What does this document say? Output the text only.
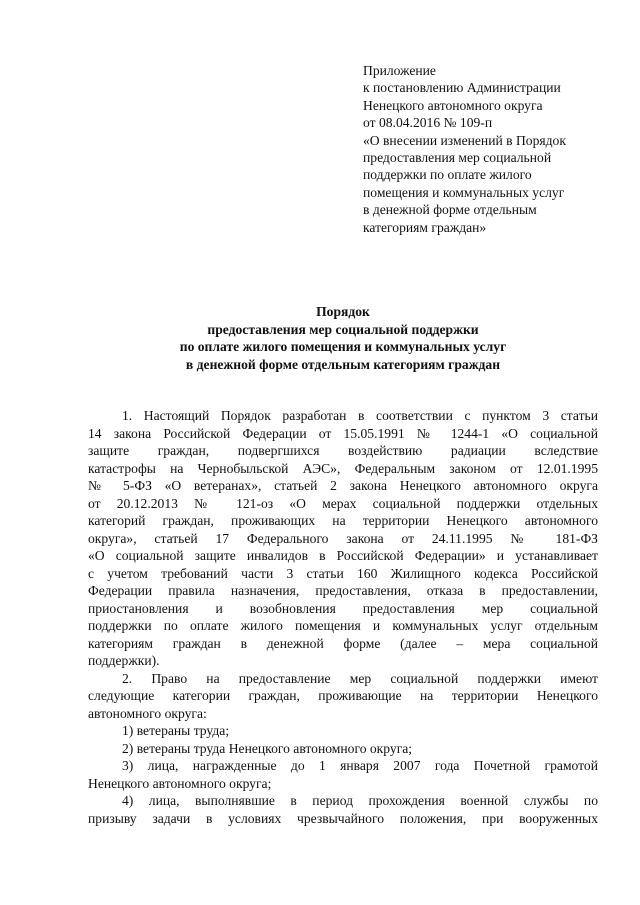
Приложение
к постановлению Администрации
Ненецкого автономного округа
от 08.04.2016 № 109-п
«О внесении изменений в Порядок
предоставления мер социальной
поддержки по оплате жилого
помещения и коммунальных услуг
в денежной форме отдельным
категориям граждан»
Порядок
предоставления мер социальной поддержки
по оплате жилого помещения и коммунальных услуг
в денежной форме отдельным категориям граждан
1. Настоящий Порядок разработан в соответствии с пунктом 3 статьи
14 закона Российской Федерации от 15.05.1991 № 1244-1 «О социальной
защите граждан, подвергшихся воздействию радиации вследствие
катастрофы на Чернобыльской АЭС», Федеральным законом от 12.01.1995
№ 5-ФЗ «О ветеранах», статьей 2 закона Ненецкого автономного округа
от 20.12.2013 № 121-оз «О мерах социальной поддержки отдельных
категорий граждан, проживающих на территории Ненецкого автономного
округа», статьей 17 Федерального закона от 24.11.1995 № 181-ФЗ
«О социальной защите инвалидов в Российской Федерации» и устанавливает
с учетом требований части 3 статьи 160 Жилищного кодекса Российской
Федерации правила назначения, предоставления, отказа в предоставлении,
приостановления и возобновления предоставления мер социальной
поддержки по оплате жилого помещения и коммунальных услуг отдельным
категориям граждан в денежной форме (далее – мера социальной
поддержки).
2. Право на предоставление мер социальной поддержки имеют
следующие категории граждан, проживающие на территории Ненецкого
автономного округа:
1) ветераны труда;
2) ветераны труда Ненецкого автономного округа;
3) лица, награжденные до 1 января 2007 года Почетной грамотой
Ненецкого автономного округа;
4) лица, выполнявшие в период прохождения военной службы по
призыву задачи в условиях чрезвычайного положения, при вооруженных
